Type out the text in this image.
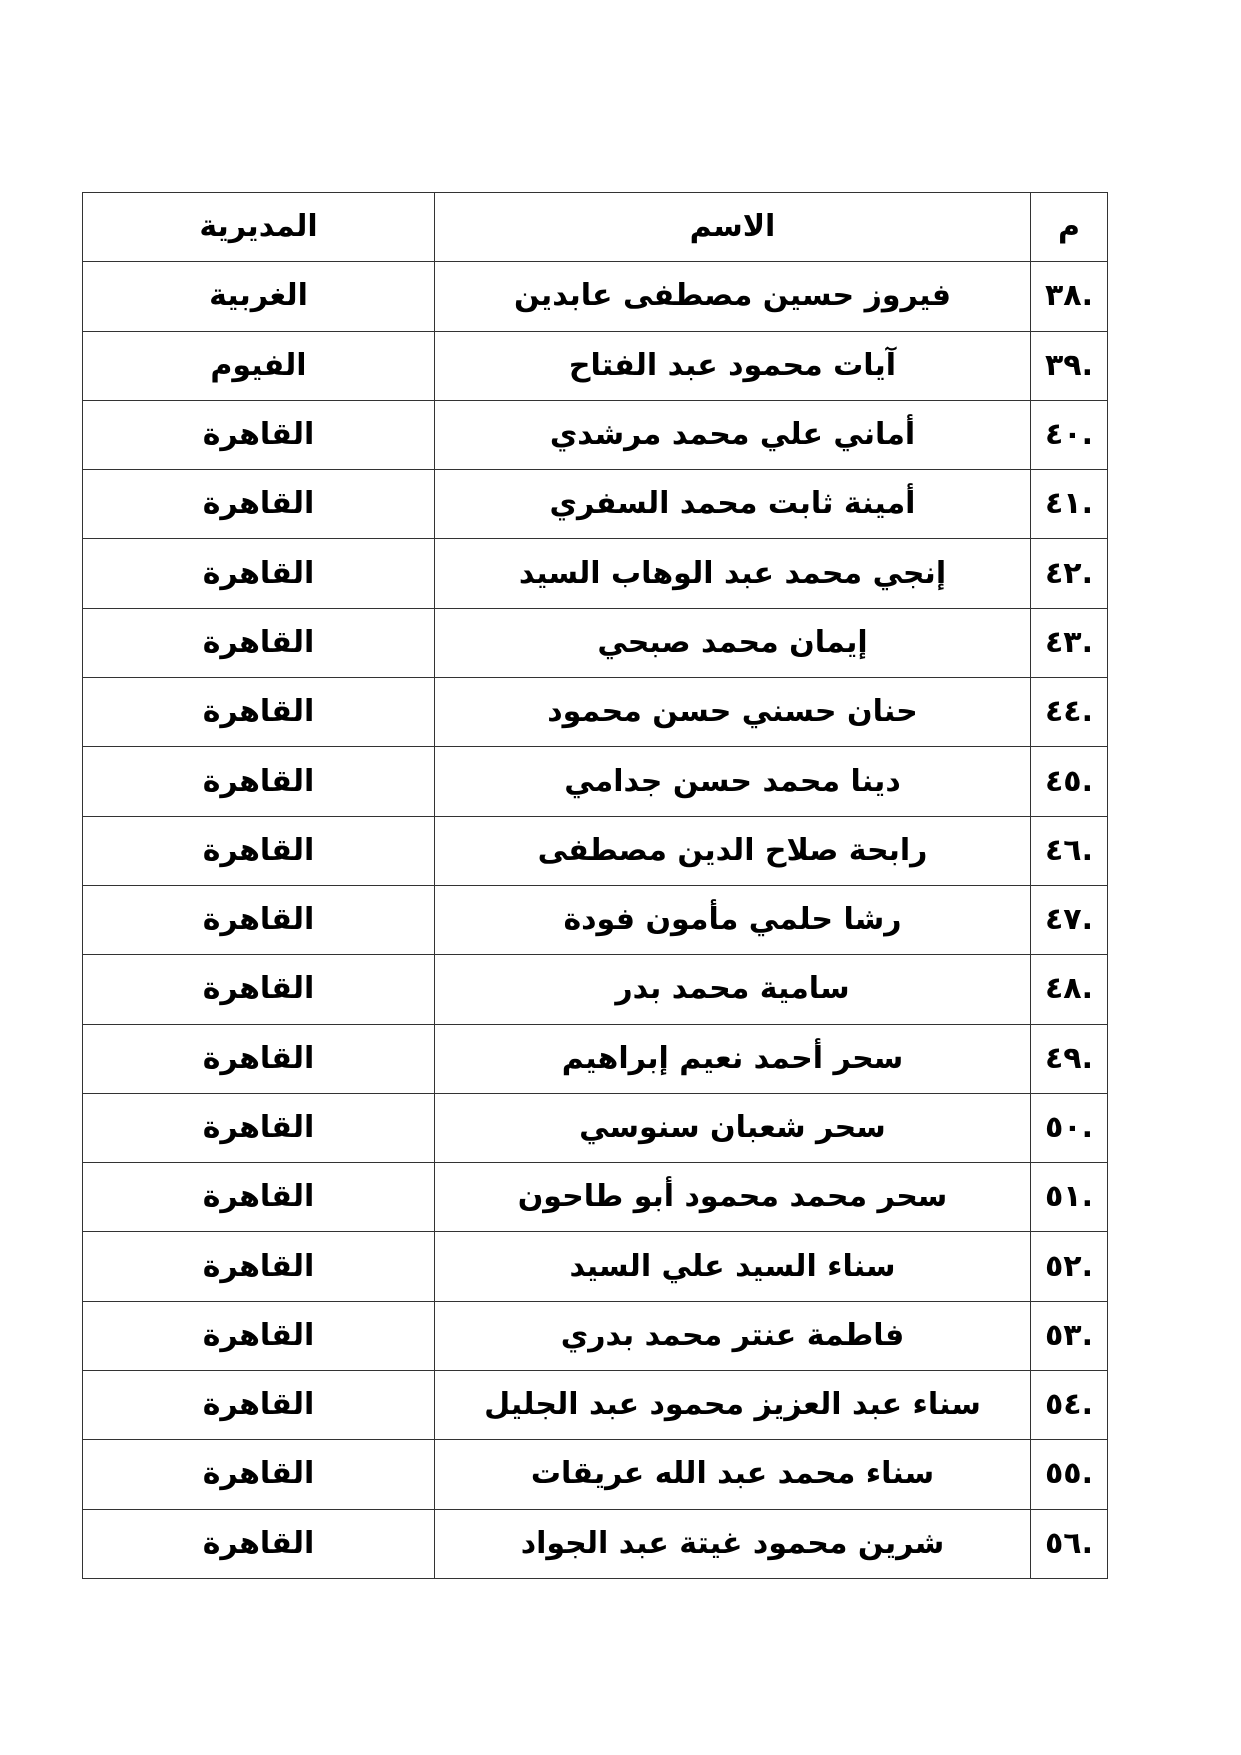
م	الاسم	المديرية
٣٨.	فيروز حسين مصطفى عابدين	الغربية
٣٩.	آيات محمود عبد الفتاح	الفيوم
٤٠.	أماني علي محمد مرشدي	القاهرة
٤١.	أمينة ثابت محمد السفري	القاهرة
٤٢.	إنجي محمد عبد الوهاب السيد	القاهرة
٤٣.	إيمان محمد صبحي	القاهرة
٤٤.	حنان حسني حسن محمود	القاهرة
٤٥.	دينا محمد حسن جدامي	القاهرة
٤٦.	رابحة صلاح الدين مصطفى	القاهرة
٤٧.	رشا حلمي مأمون فودة	القاهرة
٤٨.	سامية محمد بدر	القاهرة
٤٩.	سحر أحمد نعيم إبراهيم	القاهرة
٥٠.	سحر شعبان سنوسي	القاهرة
٥١.	سحر محمد محمود أبو طاحون	القاهرة
٥٢.	سناء السيد علي السيد	القاهرة
٥٣.	فاطمة عنتر محمد بدري	القاهرة
٥٤.	سناء عبد العزيز محمود عبد الجليل	القاهرة
٥٥.	سناء محمد عبد الله عريقات	القاهرة
٥٦.	شرين محمود غيتة عبد الجواد	القاهرة
